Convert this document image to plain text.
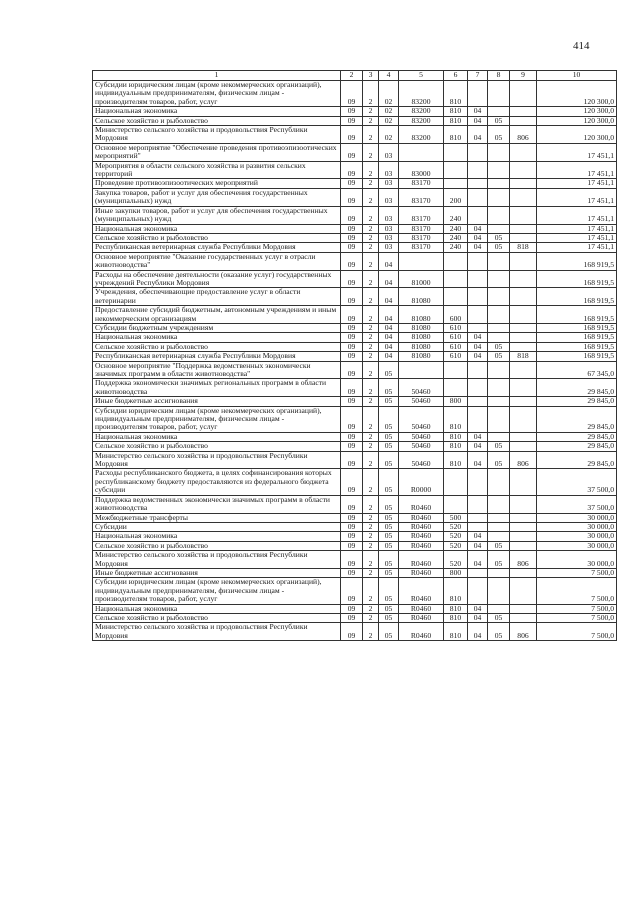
414
1	2	3	4	5	6	7	8	9	10
Субсидии юридическим лицам (кроме некоммерческих организаций), индивидуальным предпринимателям, физическим лицам - производителям товаров, работ, услуг	09	2	02	83200	810				120 300,0
Национальная экономика	09	2	02	83200	810	04			120 300,0
Сельское хозяйство и рыболовство	09	2	02	83200	810	04	05		120 300,0
Министерство сельского хозяйства и продовольствия Республики Мордовия	09	2	02	83200	810	04	05	806	120 300,0
Основное мероприятие "Обеспечение проведения противоэпизоотических мероприятий"	09	2	03						17 451,1
Мероприятия в области сельского хозяйства и развития сельских территорий	09	2	03	83000					17 451,1
Проведение противоэпизоотических мероприятий	09	2	03	83170					17 451,1
Закупка товаров, работ и услуг для обеспечения государственных (муниципальных) нужд	09	2	03	83170	200				17 451,1
Иные закупки товаров, работ и услуг для обеспечения государственных (муниципальных) нужд	09	2	03	83170	240				17 451,1
Национальная экономика	09	2	03	83170	240	04			17 451,1
Сельское хозяйство и рыболовство	09	2	03	83170	240	04	05		17 451,1
Республиканская ветеринарная служба Республики Мордовия	09	2	03	83170	240	04	05	818	17 451,1
Основное мероприятие "Оказание государственных услуг в отрасли животноводства"	09	2	04						168 919,5
Расходы на обеспечение деятельности (оказание услуг) государственных учреждений Республики Мордовия	09	2	04	81000					168 919,5
Учреждения, обеспечивающие предоставление услуг в области ветеринарии	09	2	04	81080					168 919,5
Предоставление субсидий бюджетным, автономным учреждениям и иным некоммерческим организациям	09	2	04	81080	600				168 919,5
Субсидии бюджетным учреждениям	09	2	04	81080	610				168 919,5
Национальная экономика	09	2	04	81080	610	04			168 919,5
Сельское хозяйство и рыболовство	09	2	04	81080	610	04	05		168 919,5
Республиканская ветеринарная служба Республики Мордовия	09	2	04	81080	610	04	05	818	168 919,5
Основное мероприятие "Поддержка ведомственных экономически значимых программ в области животноводства"	09	2	05						67 345,0
Поддержка экономически значимых региональных программ в области животноводства	09	2	05	50460					29 845,0
Иные бюджетные ассигнования	09	2	05	50460	800				29 845,0
Субсидии юридическим лицам (кроме некоммерческих организаций), индивидуальным предпринимателям, физическим лицам - производителям товаров, работ, услуг	09	2	05	50460	810				29 845,0
Национальная экономика	09	2	05	50460	810	04			29 845,0
Сельское хозяйство и рыболовство	09	2	05	50460	810	04	05		29 845,0
Министерство сельского хозяйства и продовольствия Республики Мордовия	09	2	05	50460	810	04	05	806	29 845,0
Расходы республиканского бюджета, в целях софинансирования которых республиканскому бюджету предоставляются из федерального бюджета субсидии	09	2	05	R0000					37 500,0
Поддержка ведомственных экономически значимых программ в области животноводства	09	2	05	R0460					37 500,0
Межбюджетные трансферты	09	2	05	R0460	500				30 000,0
Субсидии	09	2	05	R0460	520				30 000,0
Национальная экономика	09	2	05	R0460	520	04			30 000,0
Сельское хозяйство и рыболовство	09	2	05	R0460	520	04	05		30 000,0
Министерство сельского хозяйства и продовольствия Республики Мордовия	09	2	05	R0460	520	04	05	806	30 000,0
Иные бюджетные ассигнования	09	2	05	R0460	800				7 500,0
Субсидии юридическим лицам (кроме некоммерческих организаций), индивидуальным предпринимателям, физическим лицам - производителям товаров, работ, услуг	09	2	05	R0460	810				7 500,0
Национальная экономика	09	2	05	R0460	810	04			7 500,0
Сельское хозяйство и рыболовство	09	2	05	R0460	810	04	05		7 500,0
Министерство сельского хозяйства и продовольствия Республики Мордовия	09	2	05	R0460	810	04	05	806	7 500,0
